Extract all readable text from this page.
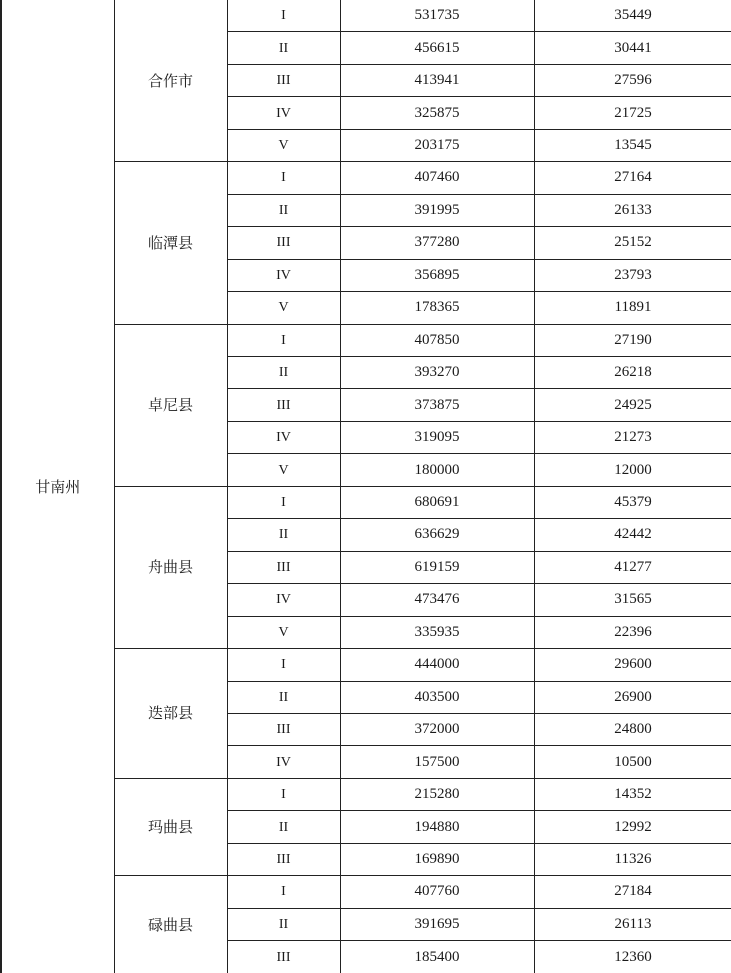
甘南州	合作市	I	531735	35449
		II	456615	30441
		III	413941	27596
		IV	325875	21725
		V	203175	13545
	临潭县	I	407460	27164
		II	391995	26133
		III	377280	25152
		IV	356895	23793
		V	178365	11891
	卓尼县	I	407850	27190
		II	393270	26218
		III	373875	24925
		IV	319095	21273
		V	180000	12000
	舟曲县	I	680691	45379
		II	636629	42442
		III	619159	41277
		IV	473476	31565
		V	335935	22396
	迭部县	I	444000	29600
		II	403500	26900
		III	372000	24800
		IV	157500	10500
	玛曲县	I	215280	14352
		II	194880	12992
		III	169890	11326
	碌曲县	I	407760	27184
		II	391695	26113
		III	185400	12360
